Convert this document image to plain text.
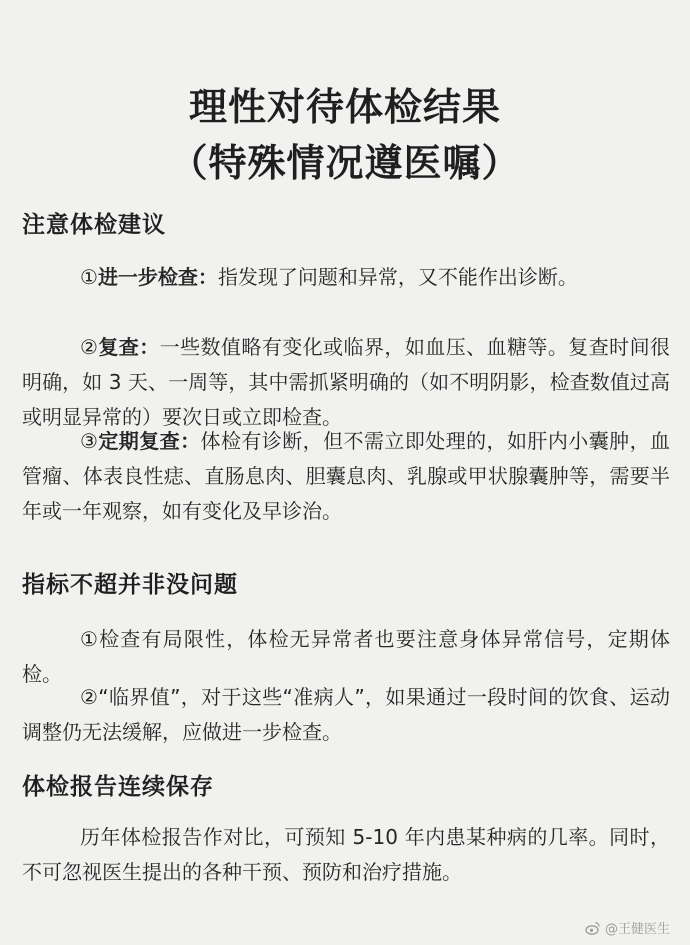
理性对待体检结果
（特殊情况遵医嘱）
注意体检建议
①进一步检查：指发现了问题和异常，又不能作出诊断。
②复查：一些数值略有变化或临界，如血压、血糖等。复查时间很明确，如 3 天、一周等，其中需抓紧明确的（如不明阴影，检查数值过高或明显异常的）要次日或立即检查。
③定期复查：体检有诊断，但不需立即处理的，如肝内小囊肿，血管瘤、体表良性痣、直肠息肉、胆囊息肉、乳腺或甲状腺囊肿等，需要半年或一年观察，如有变化及早诊治。
指标不超并非没问题
①检查有局限性，体检无异常者也要注意身体异常信号，定期体检。
②“临界值”，对于这些“准病人”，如果通过一段时间的饮食、运动调整仍无法缓解，应做进一步检查。
体检报告连续保存
历年体检报告作对比，可预知 5-10 年内患某种病的几率。同时，不可忽视医生提出的各种干预、预防和治疗措施。
@王健医生
